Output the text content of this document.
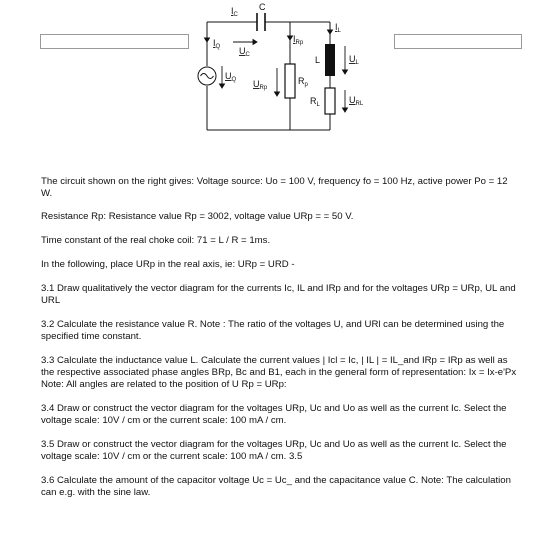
$I_C$
C
$I_Q$ $U_C$
$I_{Rp}$
$I_L$
L	$U_L$
$U_Q$ $U_{Rp}$
$R_p$
$R_L$	$U_{RL}$

The circuit shown on the right gives: Voltage source: Uo = 100 V, frequency fo = 100 Hz, active power Po = 12 W.

Resistance Rp: Resistance value Rp = 3002, voltage value URp = = 50 V.

Time constant of the real choke coil: 71 = L / R = 1ms.

In the following, place URp in the real axis, ie: URp = URD -

3.1 Draw qualitatively the vector diagram for the currents Ic, IL and IRp and for the voltages URp = URp, UL and URL

3.2 Calculate the resistance value R. Note : The ratio of the voltages U, and URl can be determined using the specified time constant.

3.3 Calculate the inductance value L. Calculate the current values | Icl = Ic, | IL | = IL_and IRp = IRp as well as the respective associated phase angles BRp, Bc and B1, each in the general form of representation: Ix = Ix-e'Px Note: All angles are related to the position of U Rp = URp:

3.4 Draw or construct the vector diagram for the voltages URp, Uc and Uo as well as the current Ic. Select the voltage scale: 10V / cm or the current scale: 100 mA / cm.

3.5 Draw or construct the vector diagram for the voltages URp, Uc and Uo as well as the current Ic. Select the voltage scale: 10V / cm or the current scale: 100 mA / cm. 3.5

3.6 Calculate the amount of the capacitor voltage Uc = Uc_ and the capacitance value C. Note: The calculation can e.g. with the sine law.
